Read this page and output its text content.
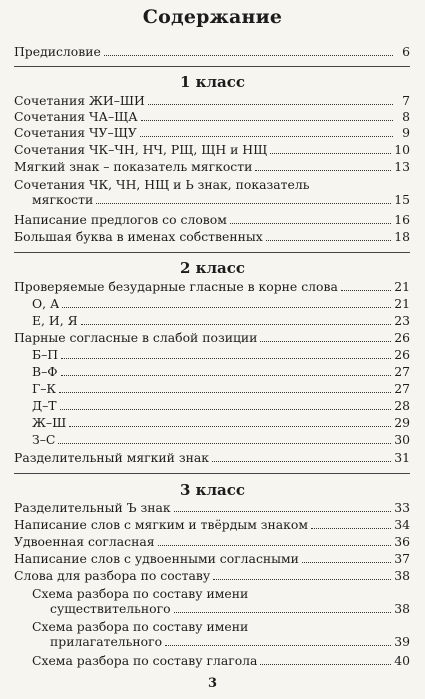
Содержание
Предисловие	6
1 класс
Сочетания ЖИ–ШИ	7
Сочетания ЧА–ЩА	8
Сочетания ЧУ–ЩУ	9
Сочетания ЧК–ЧН, НЧ, РЩ, ЩН и НЩ	10
Мягкий знак – показатель мягкости	13
Сочетания ЧК, ЧН, НЩ и Ь знак, показатель
мягкости	15
Написание предлогов со словом	16
Большая буква в именах собственных	18
2 класс
Проверяемые безударные гласные в корне слова	21
О, А	21
Е, И, Я	23
Парные согласные в слабой позиции	26
Б–П	26
В–Ф	27
Г–К	27
Д–Т	28
Ж–Ш	29
З–С	30
Разделительный мягкий знак	31
3 класс
Разделительный Ъ знак	33
Написание слов с мягким и твёрдым знаком	34
Удвоенная согласная	36
Написание слов с удвоенными согласными	37
Слова для разбора по составу	38
Схема разбора по составу имени
существительного	38
Схема разбора по составу имени
прилагательного	39
Схема разбора по составу глагола	40
3
